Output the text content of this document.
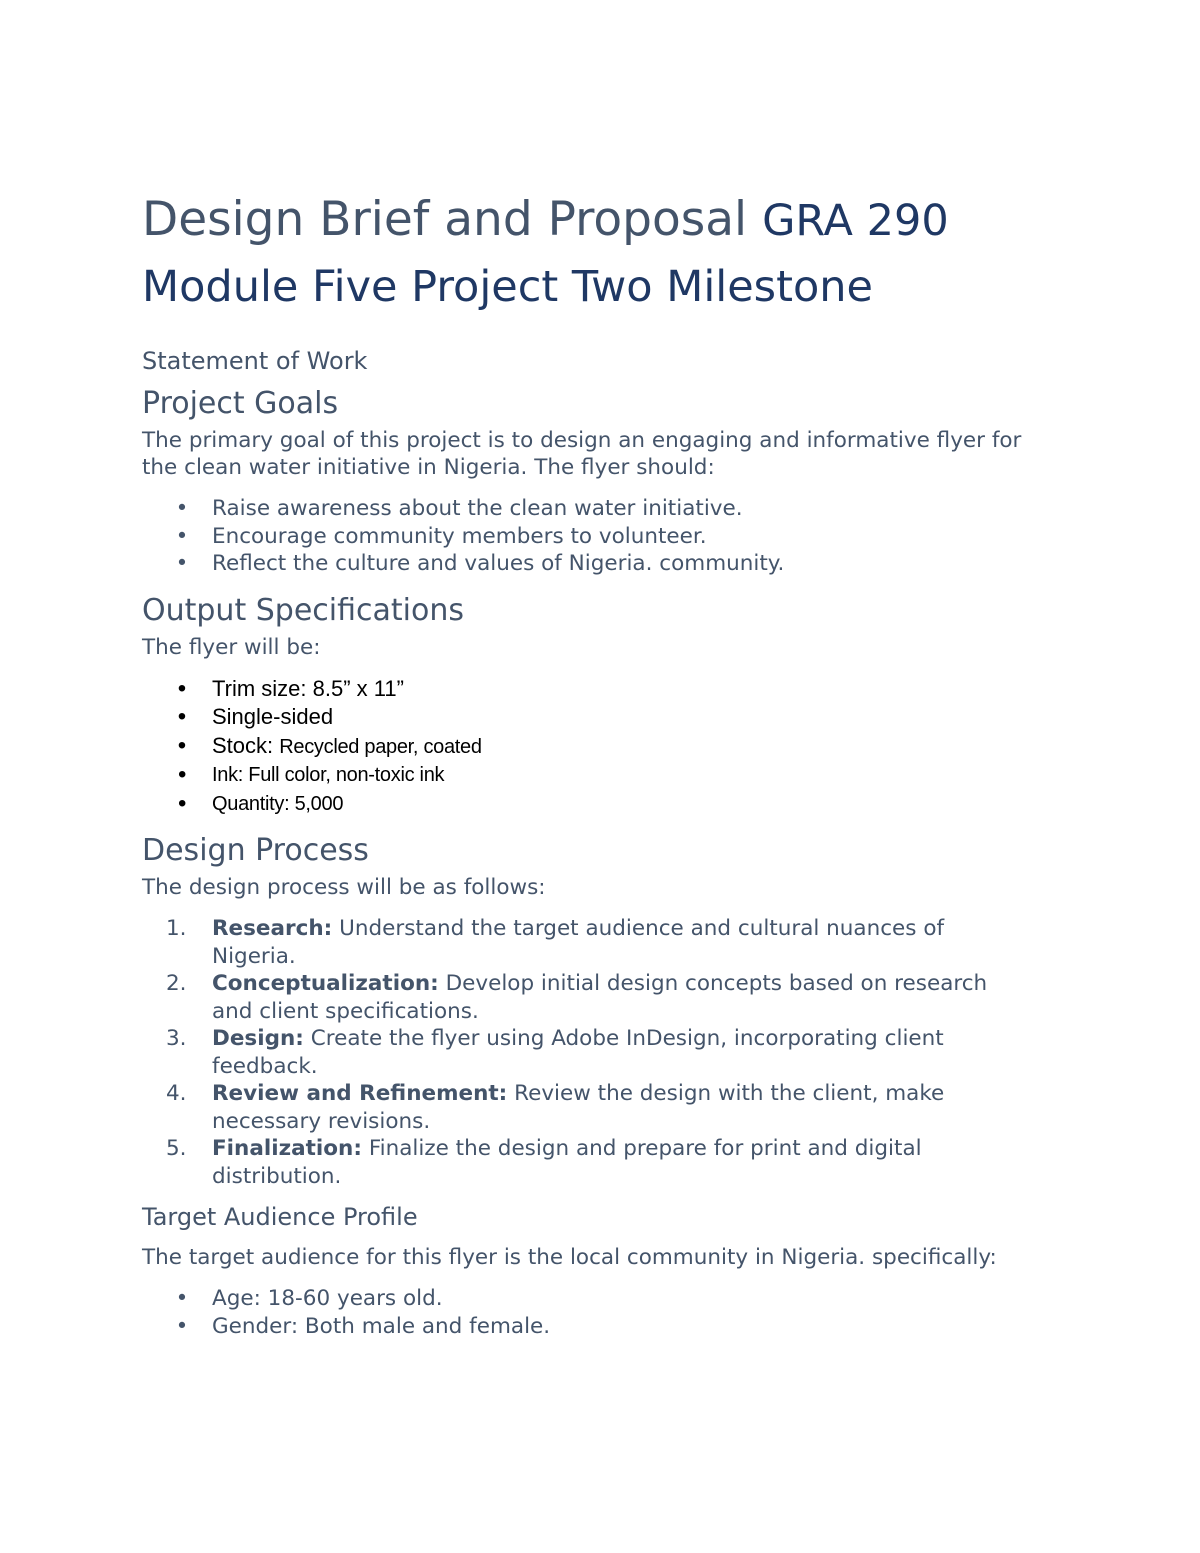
Design Brief and Proposal GRA 290
Module Five Project Two Milestone

Statement of Work

Project Goals

The primary goal of this project is to design an engaging and informative flyer for the clean water initiative in Nigeria. The flyer should:

• Raise awareness about the clean water initiative.
• Encourage community members to volunteer.
• Reflect the culture and values of Nigeria. community.
Output Specifications

The flyer will be:

• Trim size: 8.5” x 11”
• Single-sided
• Stock: Recycled paper, coated
• Ink: Full color, non-toxic ink
• Quantity: 5,000
Design Process

The design process will be as follows:

1.	Research: Understand the target audience and cultural nuances of Nigeria.
2.	Conceptualization: Develop initial design concepts based on research and client specifications.
3.	Design: Create the flyer using Adobe InDesign, incorporating client feedback.
4.	Review and Refinement: Review the design with the client, make necessary revisions.
5.	Finalization: Finalize the design and prepare for print and digital distribution.
Target Audience Profile

The target audience for this flyer is the local community in Nigeria. specifically:

• Age: 18-60 years old.
• Gender: Both male and female.
